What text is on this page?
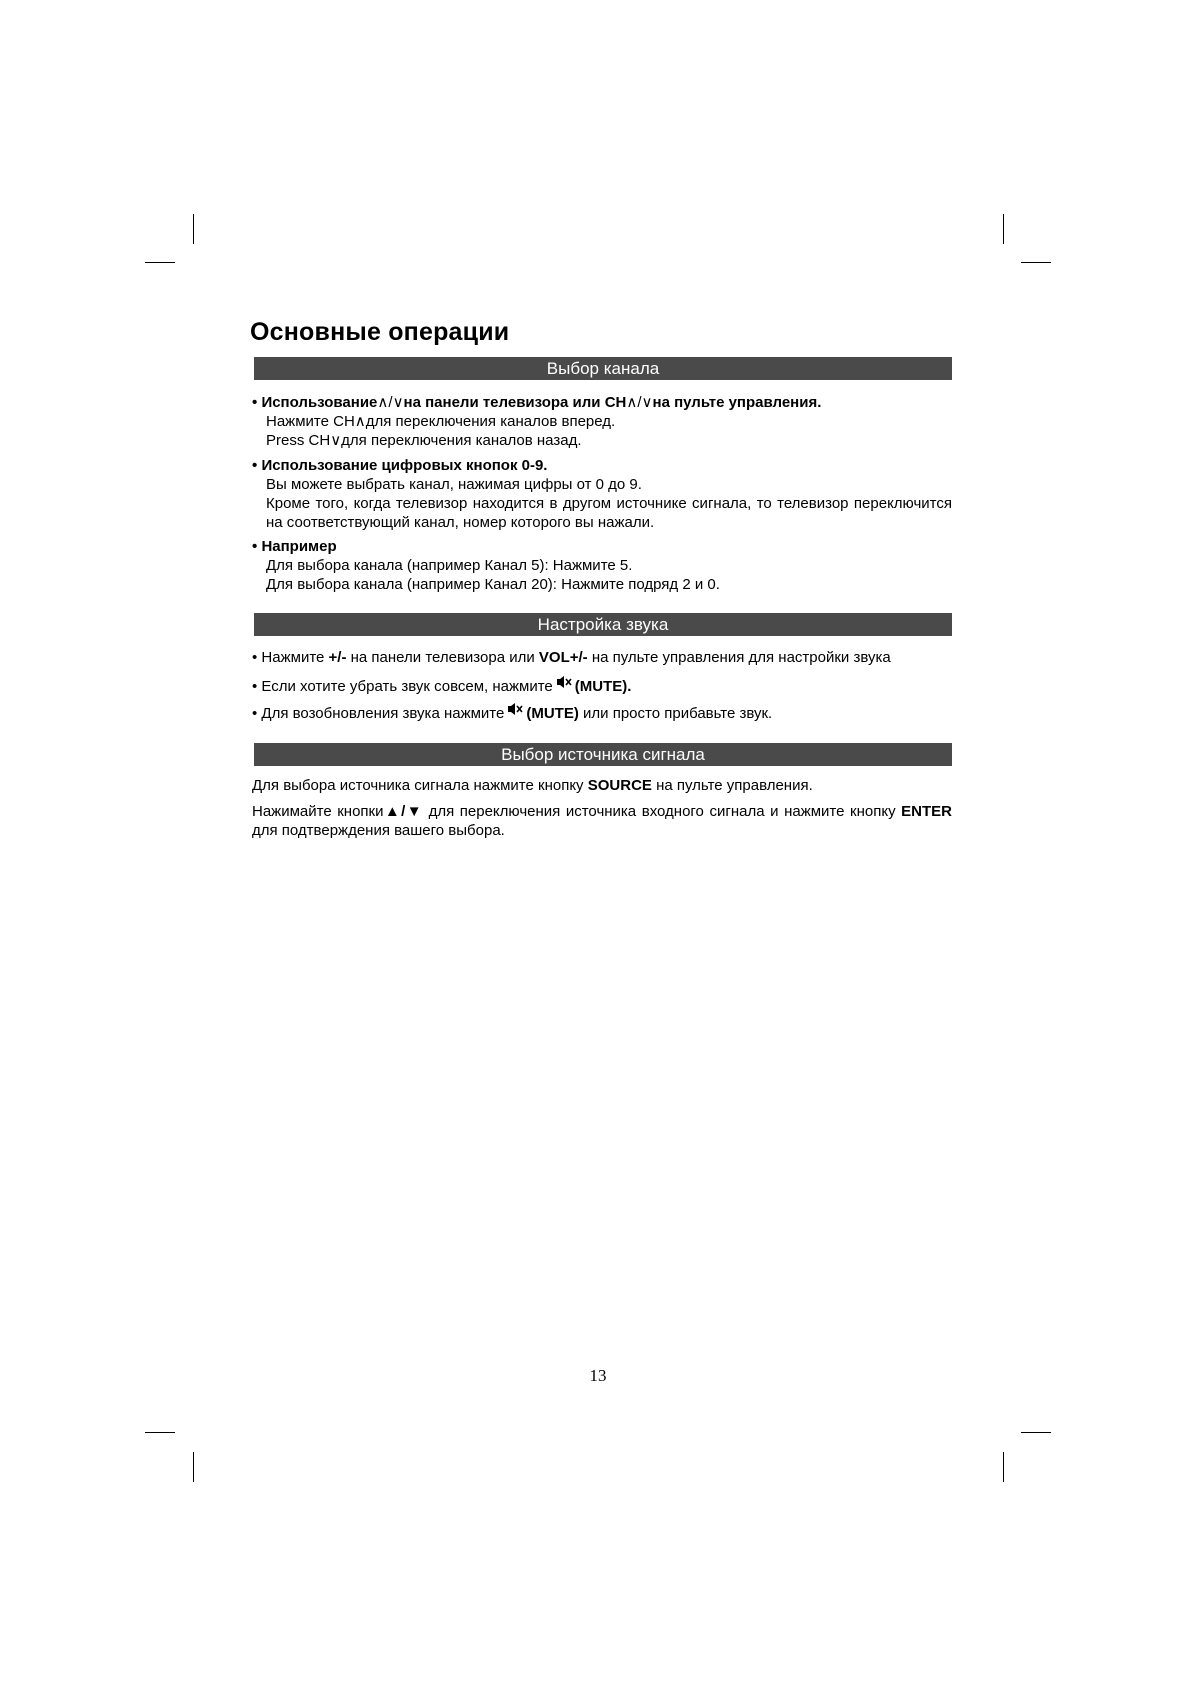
Основные операции
Выбор канала

• Использование∧/∨на панели телевизора или CH∧/∨на пульте управления.

Нажмите CH∧для переключения каналов вперед.

Press CH∨для переключения каналов назад.

• Использование цифровых кнопок 0-9.

Вы можете выбрать канал, нажимая цифры от 0 до 9.

Кроме того, когда телевизор находится в другом источнике сигнала, то телевизор переключится на соответствующий канал, номер которого вы нажали.

• Например

Для выбора канала (например Канал 5): Нажмите 5.

Для выбора канала (например Канал 20): Нажмите подряд 2 и 0.

Настройка звука

• Нажмите +/- на панели телевизора или VOL+/- на пульте управления для настройки звука

• Если хотите убрать звук совсем, нажмите (MUTE).

• Для возобновления звука нажмите (MUTE) или просто прибавьте звук.

Выбор источника сигнала

Для выбора источника сигнала нажмите кнопку SOURCE на пульте управления.

Нажимайте кнопки▲/▼ для переключения источника входного сигнала и нажмите кнопку ENTER для подтверждения вашего выбора.

13
